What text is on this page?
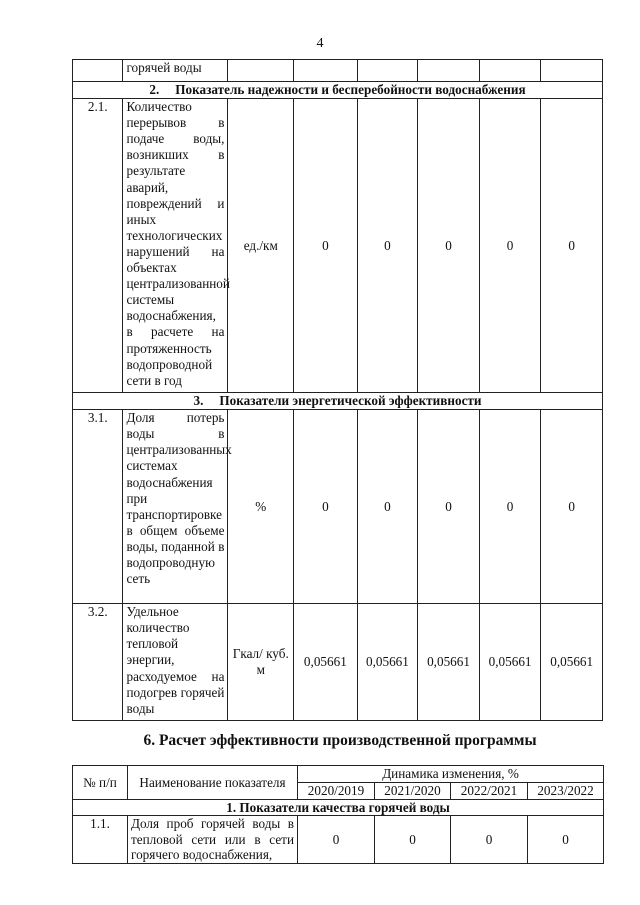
4
	горячей воды						
2. Показатель надежности и бесперебойности водоснабжения							
2.1.	Количество перерывов в подаче воды, возникших в результате аварий, повреждений и иных технологических нарушений на объектах централизованной системы водоснабжения, в расчете на протяженность водопроводной сети в год	ед./км	0	0	0	0	0
3. Показатели энергетической эффективности							
3.1.	Доля потерь воды в централизованных системах водоснабжения при транспортировке в общем объеме воды, поданной в водопроводную сеть	%	0	0	0	0	0
3.2.	Удельное количество тепловой энергии, расходуемое на подогрев горячей воды	Гкал/ куб. м	0,05661	0,05661	0,05661	0,05661	0,05661
6. Расчет эффективности производственной программы
№ п/п	Наименование показателя	Динамика изменения, %			
		2020/2019	2021/2020	2022/2021	2023/2022
1. Показатели качества горячей воды					
1.1.	Доля проб горячей воды в тепловой сети или в сети горячего водоснабжения,	0	0	0	0
